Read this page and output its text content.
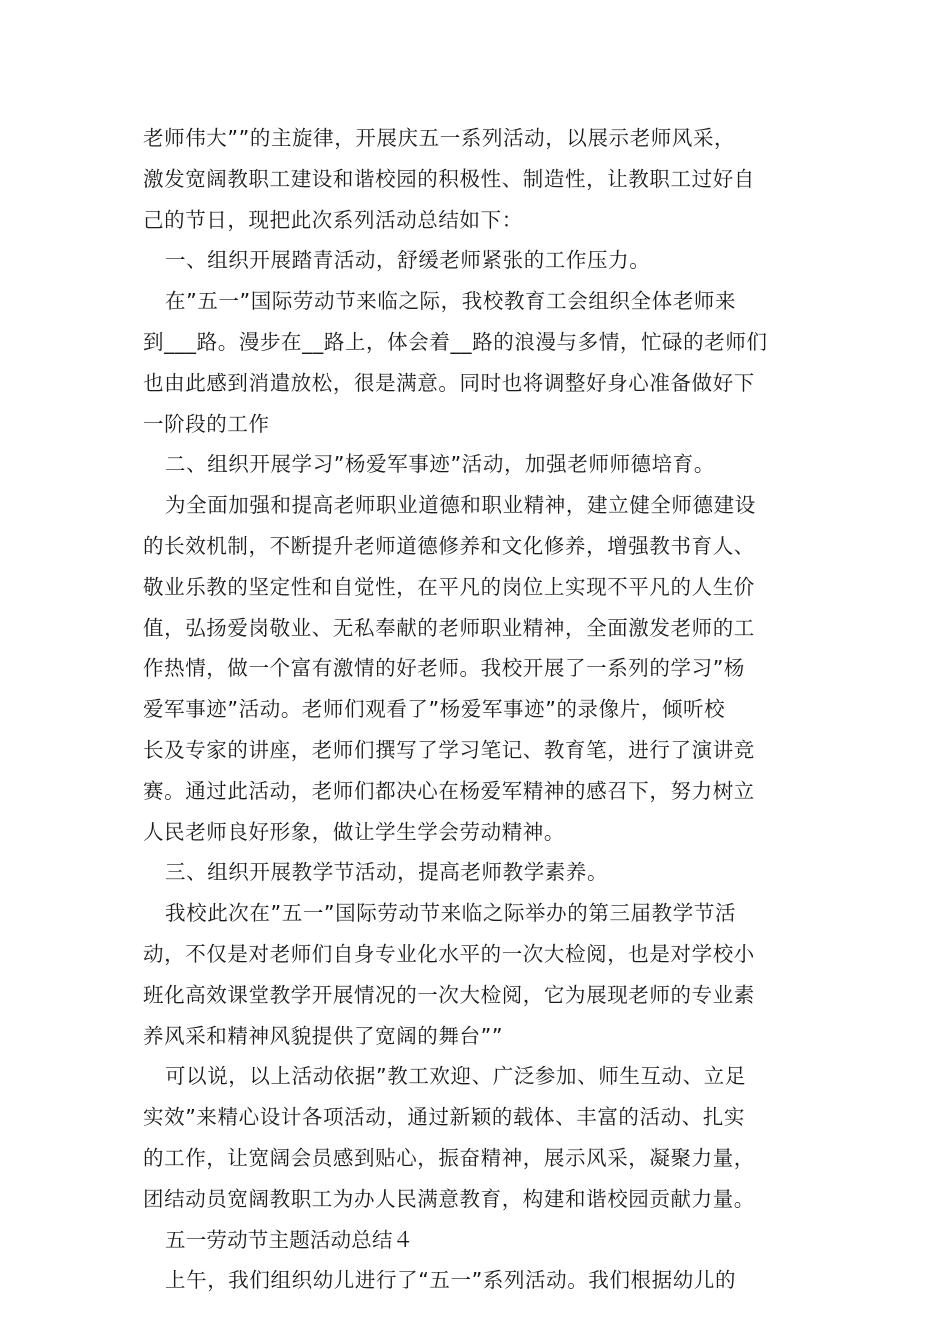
老师伟大””的主旋律，开展庆五一系列活动，以展示老师风采，
激发宽阔教职工建设和谐校园的积极性、制造性，让教职工过好自
己的节日，现把此次系列活动总结如下：
一、组织开展踏青活动，舒缓老师紧张的工作压力。
在”五一”国际劳动节来临之际，我校教育工会组织全体老师来
到___路。漫步在__路上，体会着__路的浪漫与多情，忙碌的老师们
也由此感到消遣放松，很是满意。同时也将调整好身心准备做好下
一阶段的工作
二、组织开展学习”杨爱军事迹”活动，加强老师师德培育。
为全面加强和提高老师职业道德和职业精神，建立健全师德建设
的长效机制，不断提升老师道德修养和文化修养，增强教书育人、
敬业乐教的坚定性和自觉性，在平凡的岗位上实现不平凡的人生价
值，弘扬爱岗敬业、无私奉献的老师职业精神，全面激发老师的工
作热情，做一个富有激情的好老师。我校开展了一系列的学习”杨
爱军事迹”活动。老师们观看了”杨爱军事迹”的录像片，倾听校
长及专家的讲座，老师们撰写了学习笔记、教育笔，进行了演讲竞
赛。通过此活动，老师们都决心在杨爱军精神的感召下，努力树立
人民老师良好形象，做让学生学会劳动精神。
三、组织开展教学节活动，提高老师教学素养。
我校此次在”五一”国际劳动节来临之际举办的第三届教学节活
动，不仅是对老师们自身专业化水平的一次大检阅，也是对学校小
班化高效课堂教学开展情况的一次大检阅，它为展现老师的专业素
养风采和精神风貌提供了宽阔的舞台””
可以说，以上活动依据”教工欢迎、广泛参加、师生互动、立足
实效”来精心设计各项活动，通过新颖的载体、丰富的活动、扎实
的工作，让宽阔会员感到贴心，振奋精神，展示风采，凝聚力量，
团结动员宽阔教职工为办人民满意教育，构建和谐校园贡献力量。
五一劳动节主题活动总结４
上午，我们组织幼儿进行了“五一”系列活动。我们根据幼儿的
